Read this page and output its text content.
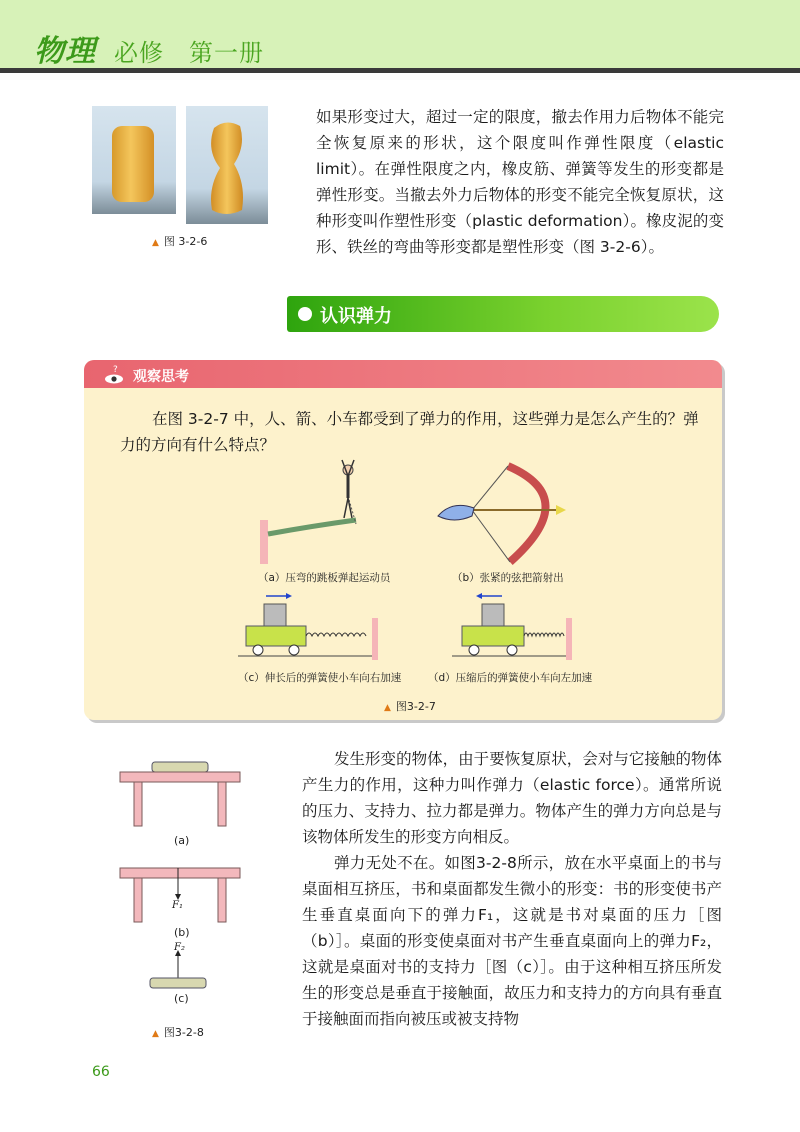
物理 必修　第一册
▲ 图 3-2-6
如果形变过大，超过一定的限度，撤去作用力后物体不能完全恢复原来的形状，这个限度叫作弹性限度（elastic limit）。在弹性限度之内，橡皮筋、弹簧等发生的形变都是弹性形变。当撤去外力后物体的形变不能完全恢复原状，这种形变叫作塑性形变（plastic deformation）。橡皮泥的变形、铁丝的弯曲等形变都是塑性形变（图 3-2-6）。
认识弹力
? 观察思考
在图 3-2-7 中，人、箭、小车都受到了弹力的作用，这些弹力是怎么产生的？弹力的方向有什么特点？
（a）压弯的跳板弹起运动员	（b）张紧的弦把箭射出
（c）伸长后的弹簧使小车向右加速	（d）压缩后的弹簧使小车向左加速
▲ 图3-2-7
(a)
F₁
(b)
F₂
(c)
▲ 图3-2-8
发生形变的物体，由于要恢复原状，会对与它接触的物体产生力的作用，这种力叫作弹力（elastic force）。通常所说的压力、支持力、拉力都是弹力。物体产生的弹力方向总是与该物体所发生的形变方向相反。
弹力无处不在。如图3-2-8所示，放在水平桌面上的书与桌面相互挤压，书和桌面都发生微小的形变：书的形变使书产生垂直桌面向下的弹力F₁，这就是书对桌面的压力［图（b）］。桌面的形变使桌面对书产生垂直桌面向上的弹力F₂，这就是桌面对书的支持力［图（c）］。由于这种相互挤压所发生的形变总是垂直于接触面，故压力和支持力的方向具有垂直于接触面而指向被压或被支持物
66
